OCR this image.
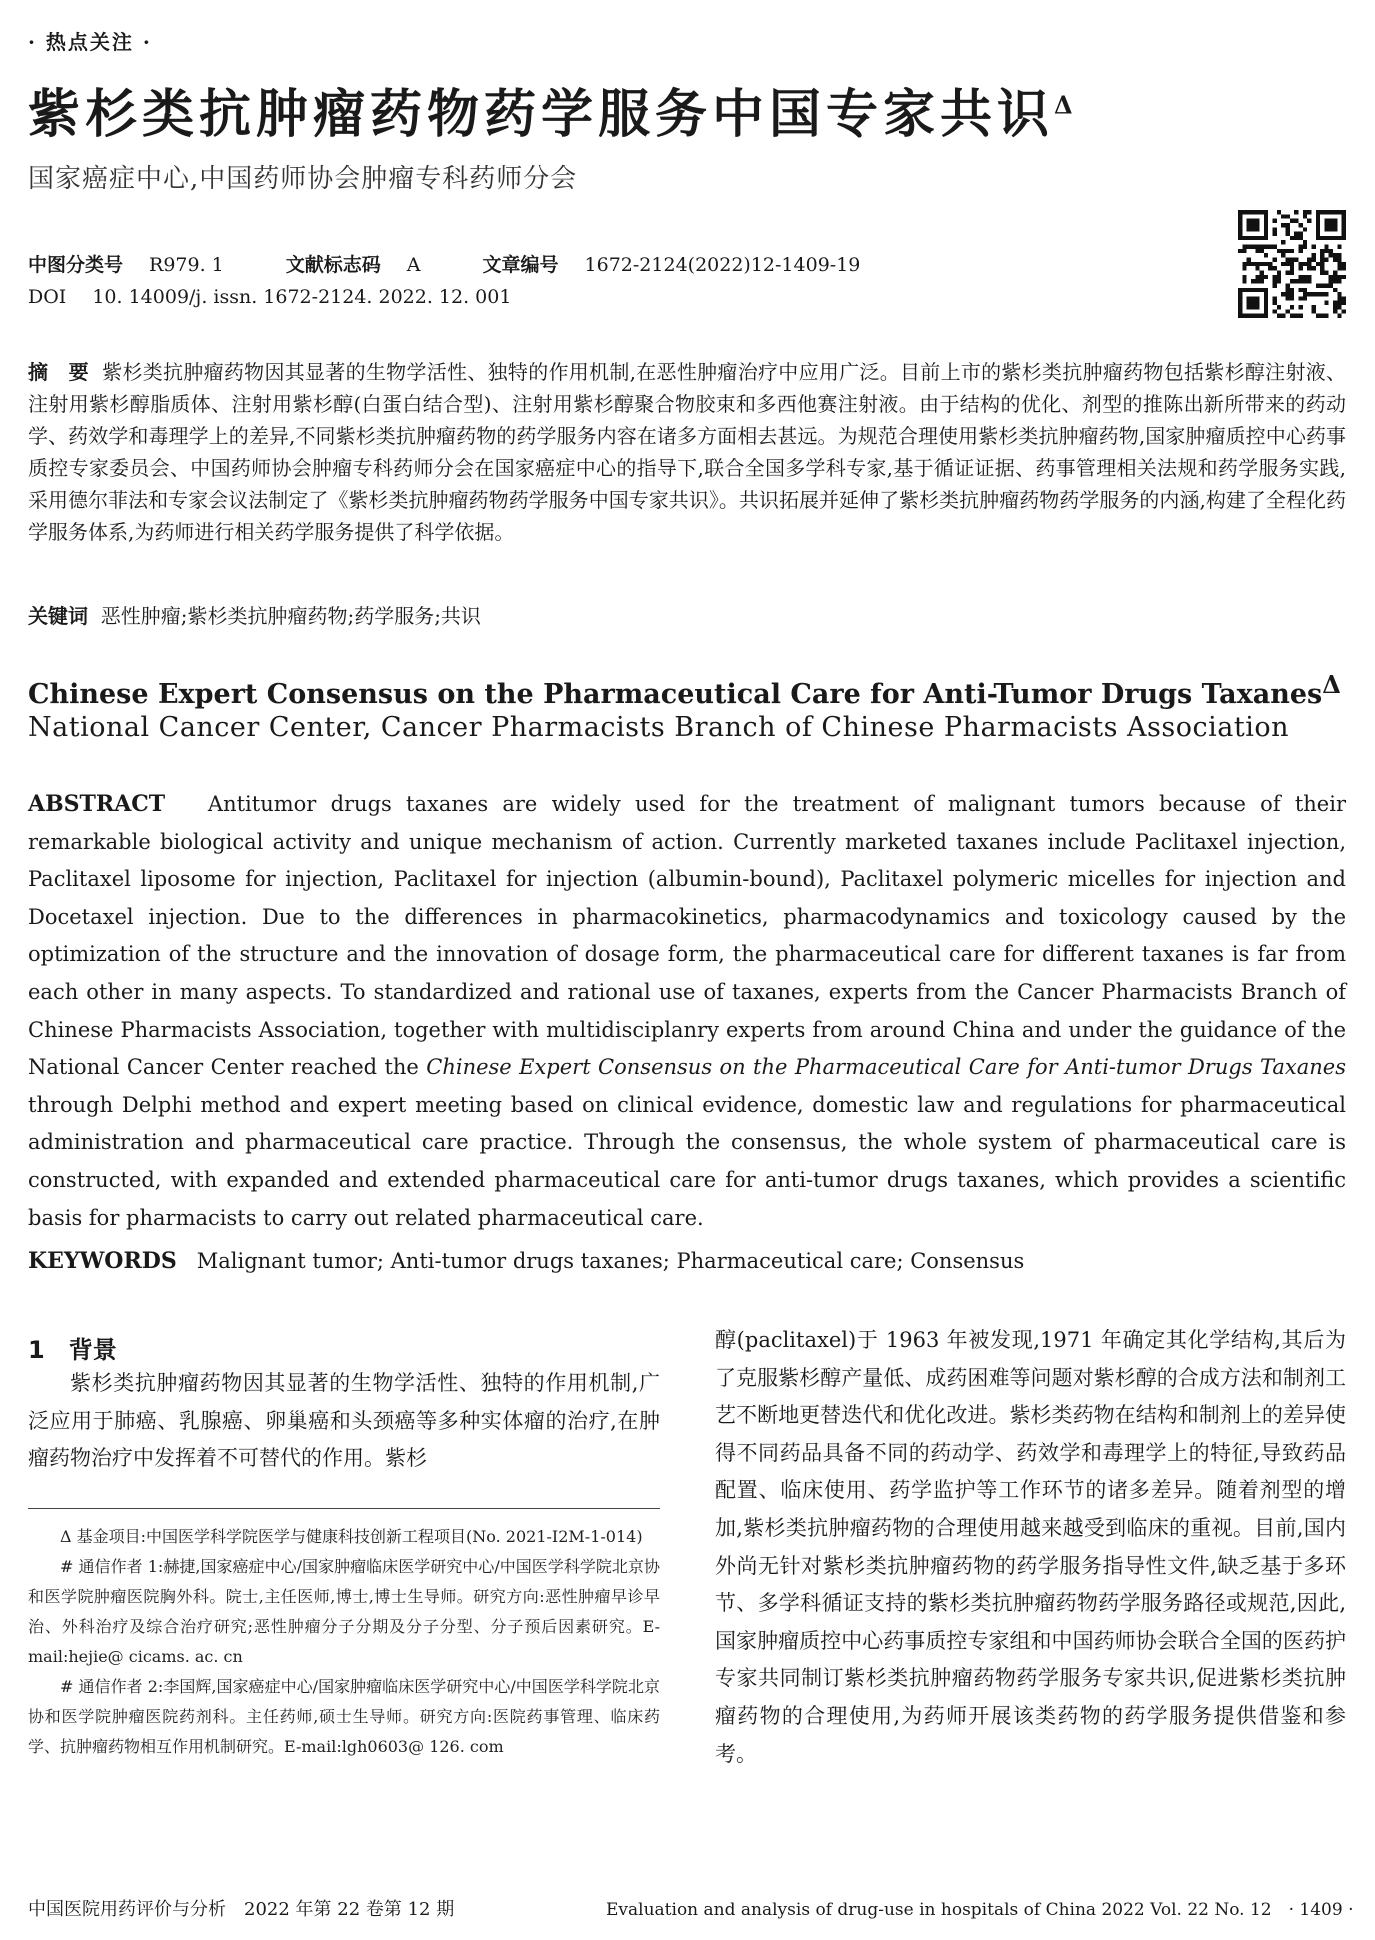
· 热点关注 ·
紫杉类抗肿瘤药物药学服务中国专家共识$^\Delta$
国家癌症中心,中国药师协会肿瘤专科药师分会
中图分类号 R979. 1	文献标志码 A	文章编号 1672-2124(2022)12-1409-19
DOI 10. 14009/j. issn. 1672-2124. 2022. 12. 001
摘　要 紫杉类抗肿瘤药物因其显著的生物学活性、独特的作用机制,在恶性肿瘤治疗中应用广泛。目前上市的紫杉类抗肿瘤药物包括紫杉醇注射液、注射用紫杉醇脂质体、注射用紫杉醇(白蛋白结合型)、注射用紫杉醇聚合物胶束和多西他赛注射液。由于结构的优化、剂型的推陈出新所带来的药动学、药效学和毒理学上的差异,不同紫杉类抗肿瘤药物的药学服务内容在诸多方面相去甚远。为规范合理使用紫杉类抗肿瘤药物,国家肿瘤质控中心药事质控专家委员会、中国药师协会肿瘤专科药师分会在国家癌症中心的指导下,联合全国多学科专家,基于循证证据、药事管理相关法规和药学服务实践,采用德尔菲法和专家会议法制定了《紫杉类抗肿瘤药物药学服务中国专家共识》。共识拓展并延伸了紫杉类抗肿瘤药物药学服务的内涵,构建了全程化药学服务体系,为药师进行相关药学服务提供了科学依据。
关键词 恶性肿瘤;紫杉类抗肿瘤药物;药学服务;共识
Chinese Expert Consensus on the Pharmaceutical Care for Anti-Tumor Drugs Taxanes$^\Delta$
National Cancer Center, Cancer Pharmacists Branch of Chinese Pharmacists Association
ABSTRACT Antitumor drugs taxanes are widely used for the treatment of malignant tumors because of their remarkable biological activity and unique mechanism of action. Currently marketed taxanes include Paclitaxel injection, Paclitaxel liposome for injection, Paclitaxel for injection (albumin-bound), Paclitaxel polymeric micelles for injection and Docetaxel injection. Due to the differences in pharmacokinetics, pharmacodynamics and toxicology caused by the optimization of the structure and the innovation of dosage form, the pharmaceutical care for different taxanes is far from each other in many aspects. To standardized and rational use of taxanes, experts from the Cancer Pharmacists Branch of Chinese Pharmacists Association, together with multidisciplanry experts from around China and under the guidance of the National Cancer Center reached the Chinese Expert Consensus on the Pharmaceutical Care for Anti-tumor Drugs Taxanes through Delphi method and expert meeting based on clinical evidence, domestic law and regulations for pharmaceutical administration and pharmaceutical care practice. Through the consensus, the whole system of pharmaceutical care is constructed, with expanded and extended pharmaceutical care for anti-tumor drugs taxanes, which provides a scientific basis for pharmacists to carry out related pharmaceutical care.
KEYWORDS Malignant tumor; Anti-tumor drugs taxanes; Pharmaceutical care; Consensus
1　背景

紫杉类抗肿瘤药物因其显著的生物学活性、独特的作用机制,广泛应用于肺癌、乳腺癌、卵巢癌和头颈癌等多种实体瘤的治疗,在肿瘤药物治疗中发挥着不可替代的作用。紫杉

Δ 基金项目:中国医学科学院医学与健康科技创新工程项目(No. 2021-I2M-1-014)

# 通信作者 1:赫捷,国家癌症中心/国家肿瘤临床医学研究中心/中国医学科学院北京协和医学院肿瘤医院胸外科。院士,主任医师,博士,博士生导师。研究方向:恶性肿瘤早诊早治、外科治疗及综合治疗研究;恶性肿瘤分子分期及分子分型、分子预后因素研究。E-mail:hejie@ cicams. ac. cn

# 通信作者 2:李国辉,国家癌症中心/国家肿瘤临床医学研究中心/中国医学科学院北京协和医学院肿瘤医院药剂科。主任药师,硕士生导师。研究方向:医院药事管理、临床药学、抗肿瘤药物相互作用机制研究。E-mail:lgh0603@ 126. com

醇(paclitaxel)于 1963 年被发现,1971 年确定其化学结构,其后为了克服紫杉醇产量低、成药困难等问题对紫杉醇的合成方法和制剂工艺不断地更替迭代和优化改进。紫杉类药物在结构和制剂上的差异使得不同药品具备不同的药动学、药效学和毒理学上的特征,导致药品配置、临床使用、药学监护等工作环节的诸多差异。随着剂型的增加,紫杉类抗肿瘤药物的合理使用越来越受到临床的重视。目前,国内外尚无针对紫杉类抗肿瘤药物的药学服务指导性文件,缺乏基于多环节、多学科循证支持的紫杉类抗肿瘤药物药学服务路径或规范,因此,国家肿瘤质控中心药事质控专家组和中国药师协会联合全国的医药护专家共同制订紫杉类抗肿瘤药物药学服务专家共识,促进紫杉类抗肿瘤药物的合理使用,为药师开展该类药物的药学服务提供借鉴和参考。

中国医院用药评价与分析　2022 年第 22 卷第 12 期	Evaluation and analysis of drug-use in hospitals of China 2022 Vol. 22 No. 12　· 1409 ·
